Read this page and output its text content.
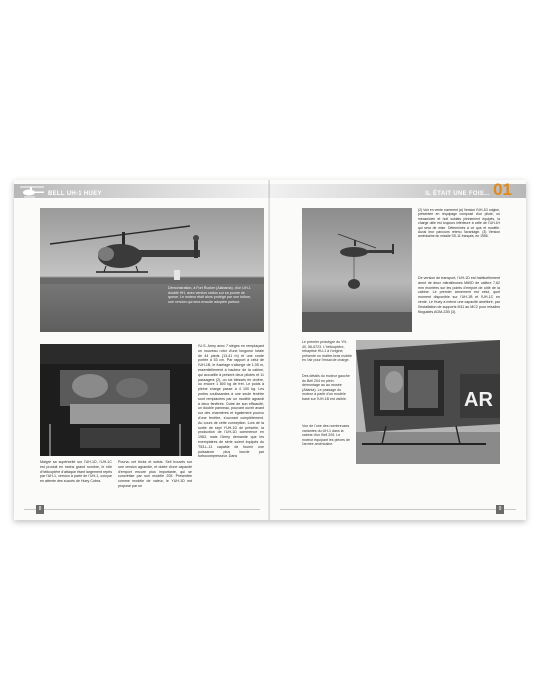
BELL UH-1 HUEY
Démonstration, à Fort Rucker (Alabama), d'un UH-1 doublé HH, avec version radios sur sa poutre de queue. Le moteur était alors protégé par une toiture, une version qui sera ensuite adoptée partout.
Malgré sa supériorité sur l'UH-1D, l'UH-1C est produit en moins grand nombre, le rôle d'hélicoptère d'attaque étant largement repris par l'AH-1, version à partir de l'UH-1, conçue en attente des succès de Huey Cobra.
Pourvu cet tricks et sotsis. Sell trouvés sur une version agrandie, et dotée d'une capacité d'emport encore plus importante, qui se concrétise par son modèle 205. Présentée comme modèle de valeur, le YUH-1D est proposé par un
l'U.S. Army avec 7 sièges en remplaçant un nouveau rotor d'une longueur totale de 44 pieds (13,41 m) et une corde portée à 53 cm. Par rapport à celui de l'UH-1B, le fuselage s'allonge de 1,05 m, essentiellement à hauteur de la cabine, qui accueille à présent deux pilotes et 11 passagers (2), ou six blessés en civière, ou encore 1 800 kg de fret. Le poids à pleine charge passe à 4 100 kg. Les portes coulissantes à une seule fenêtre sont remplacées par un modèle agrandi à deux fenêtres. Outre de son efficacité, un double panneau, pouvant ouvrir avant sur des charnières et également pourvu d'une fenêtre, s'ouvrant complètement. Au cours de cette conception. Lors de la sortie de sept YUH-1D de présérie, la production de l'UH-1D commence en 1963, mais l'Army demande que les exemplaires de série soient équipés du T53-L-11 capable de fournir une puissance plus lourde par turbocompresseur. Dans
8
IL ÉTAIT UNE FOIS... 01
(2) Voir en vente comment (a) Version l'UH-1D origine, présentée en réquipage composé d'un pilote, un mécanicien et huit soldats pleinement équipés, la charge utile est toujours inférieure à celle de l'UH-1H qui sera de mise. Déterminés à ce que et modèle. Aussi leur parcours retenu l'avantage. (3) Version américaine du missile SS-11 français, en 1956.
De version de transport, l'UH-1D est habituellement armé de deux mitrailleuses M60D de calibre 7,62 mm montées sur les points d'emport de côté de la cabine. Le premier armement est celui, quel moment disponible sur l'UH-1B et l'UH-1C en vente. Le Huey a même une capacité amélioré, par l'installation de supports M11 au MC2 pour missiles filoguidés AGM-22B (3).
Le premier prototype du YH-40, 56-6723. L'hélicoptère, rebaptisé HU-1 à l'origine, présente un maître-bras mobile en l'air pour l'essai de charge.
Des détails du moteur gauche du Bell 204 en plein démontage au au musée (Atlanta). Le passage du moteur à partir d'un modèle basé sur l'UH-1B est visible.
Vue de l'une des nombreuses variantes du UH-1 dans la cabine d'un Bell 205. Le moteur équipant les pièces de l'armée américaine.
AR
9
